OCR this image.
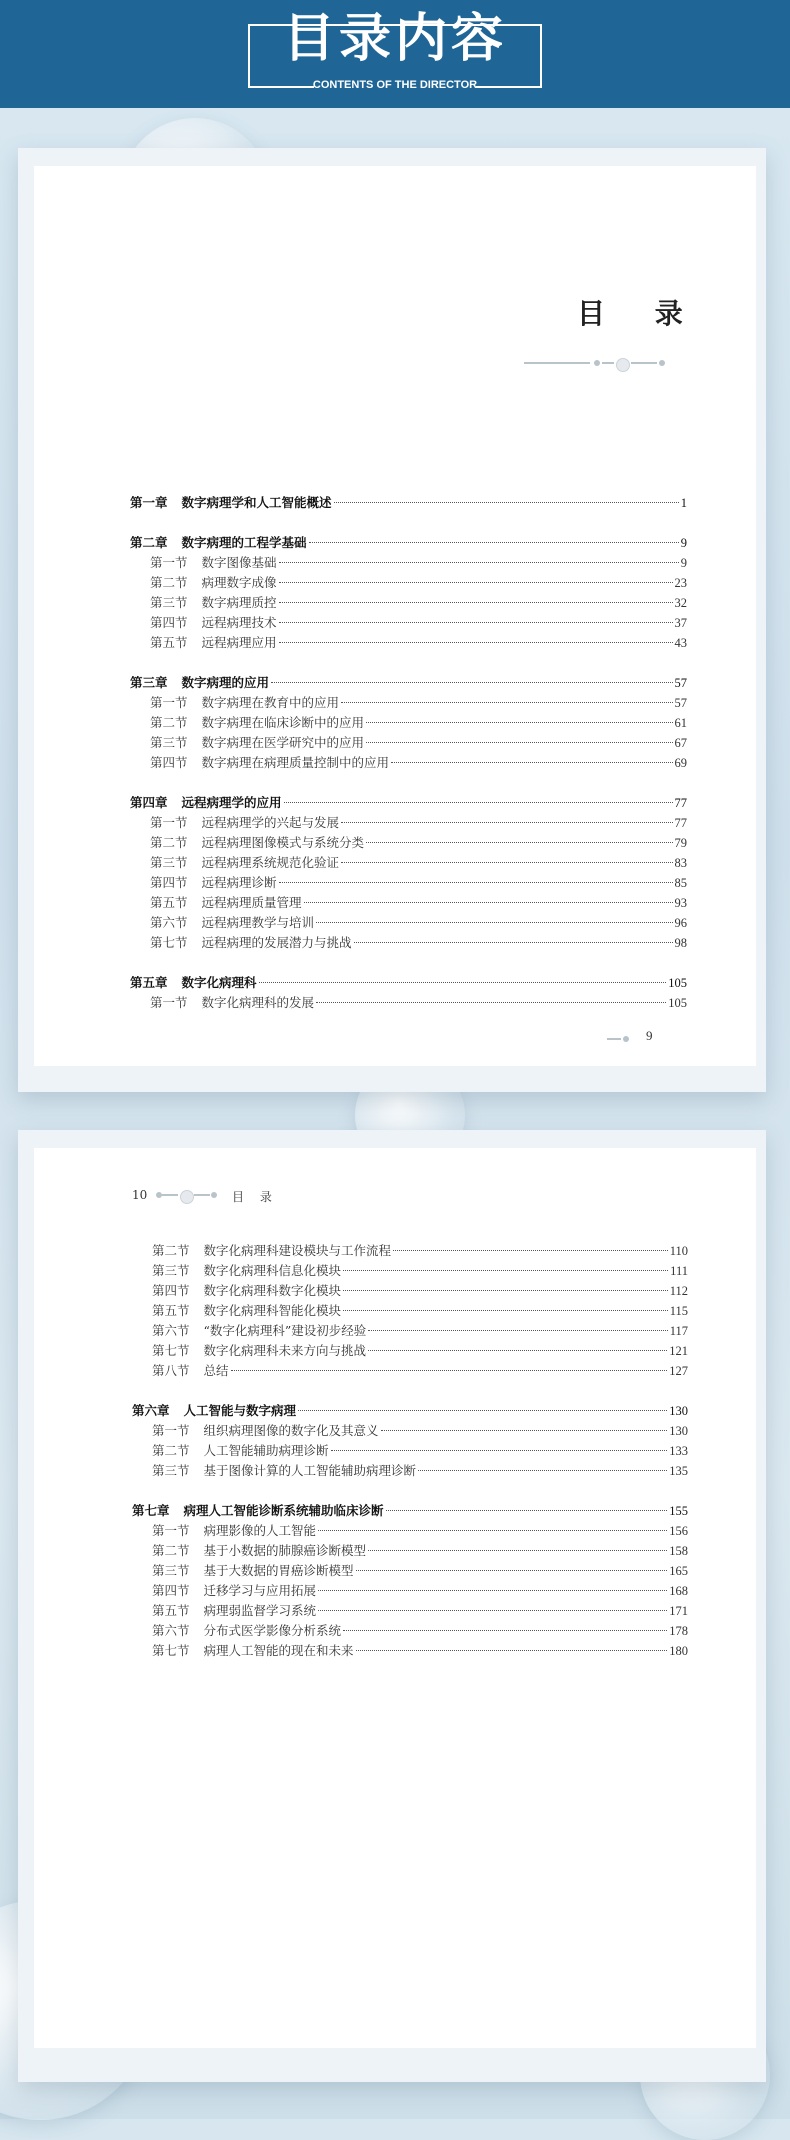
目录内容
CONTENTS OF THE DIRECTOR
目 录
第一章 数字病理学和人工智能概述	1
第二章 数字病理的工程学基础	9
第一节 数字图像基础	9
第二节 病理数字成像	23
第三节 数字病理质控	32
第四节 远程病理技术	37
第五节 远程病理应用	43
第三章 数字病理的应用	57
第一节 数字病理在教育中的应用	57
第二节 数字病理在临床诊断中的应用	61
第三节 数字病理在医学研究中的应用	67
第四节 数字病理在病理质量控制中的应用	69
第四章 远程病理学的应用	77
第一节 远程病理学的兴起与发展	77
第二节 远程病理图像模式与系统分类	79
第三节 远程病理系统规范化验证	83
第四节 远程病理诊断	85
第五节 远程病理质量管理	93
第六节 远程病理教学与培训	96
第七节 远程病理的发展潜力与挑战	98
第五章 数字化病理科	105
第一节 数字化病理科的发展	105
9
10	目 录
第二节 数字化病理科建设模块与工作流程	110
第三节 数字化病理科信息化模块	111
第四节 数字化病理科数字化模块	112
第五节 数字化病理科智能化模块	115
第六节 “数字化病理科”建设初步经验	117
第七节 数字化病理科未来方向与挑战	121
第八节 总结	127
第六章 人工智能与数字病理	130
第一节 组织病理图像的数字化及其意义	130
第二节 人工智能辅助病理诊断	133
第三节 基于图像计算的人工智能辅助病理诊断	135
第七章 病理人工智能诊断系统辅助临床诊断	155
第一节 病理影像的人工智能	156
第二节 基于小数据的肺腺癌诊断模型	158
第三节 基于大数据的胃癌诊断模型	165
第四节 迁移学习与应用拓展	168
第五节 病理弱监督学习系统	171
第六节 分布式医学影像分析系统	178
第七节 病理人工智能的现在和未来	180
